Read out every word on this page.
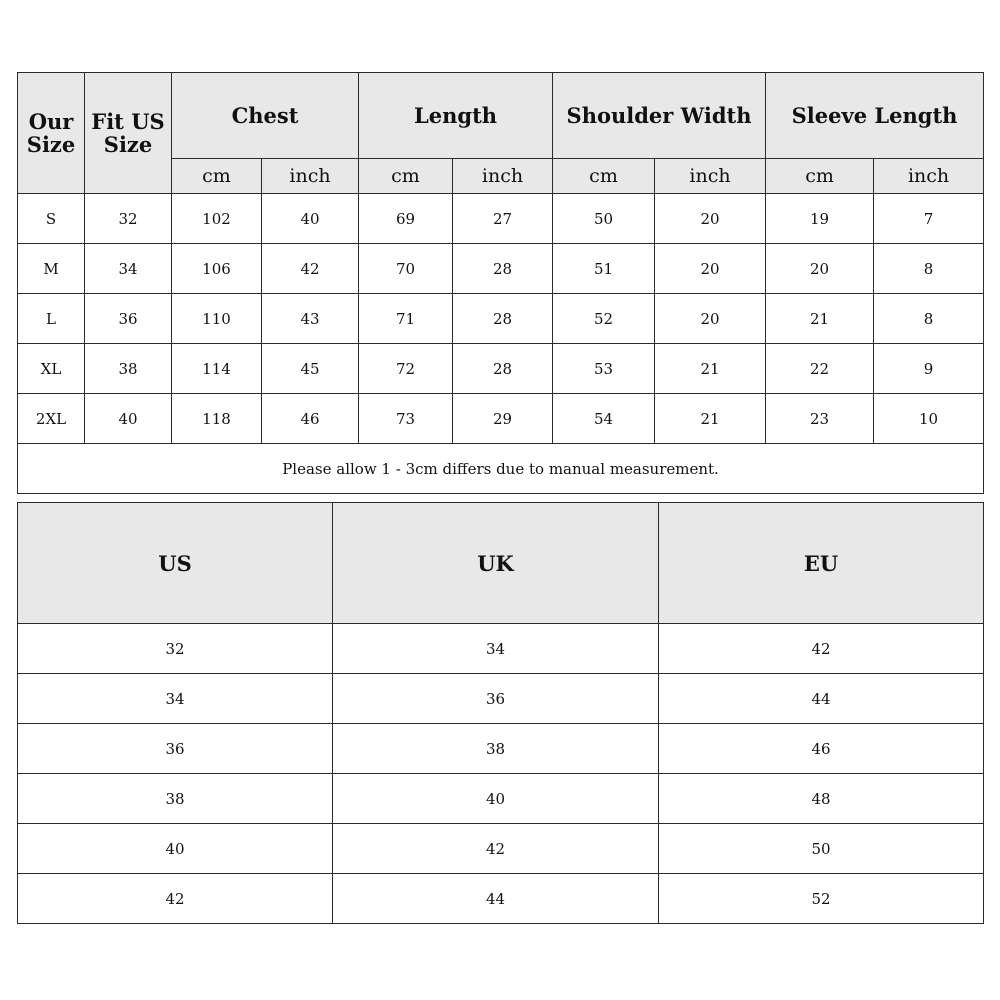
Our Size	Fit US Size	Chest		Length		Shoulder Width		Sleeve Length	
		cm	inch	cm	inch	cm	inch	cm	inch
S	32	102	40	69	27	50	20	19	7
M	34	106	42	70	28	51	20	20	8
L	36	110	43	71	28	52	20	21	8
XL	38	114	45	72	28	53	21	22	9
2XL	40	118	46	73	29	54	21	23	10
Please allow 1 - 3cm differs due to manual measurement.									
US	UK	EU
32	34	42
34	36	44
36	38	46
38	40	48
40	42	50
42	44	52
